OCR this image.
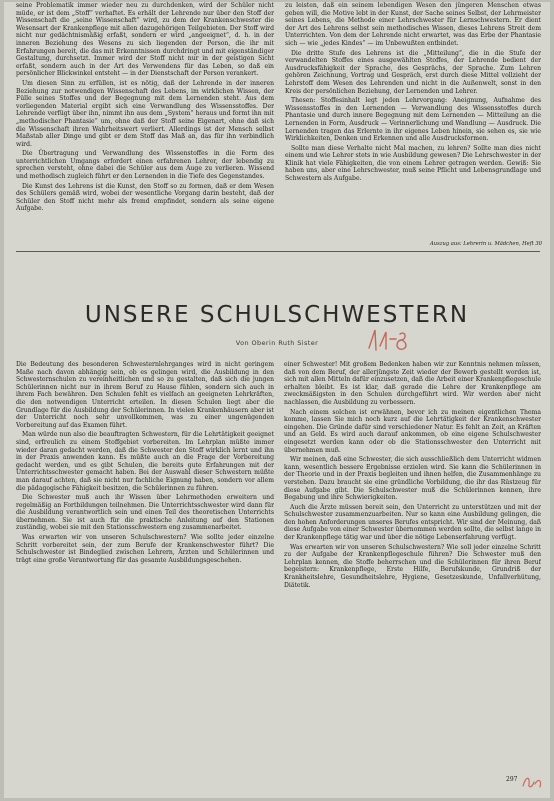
seine Problematik immer wieder neu zu durchdenken, wird der Schüler nicht müde, er ist dem „Stoff“ verhaftet. Es erhält der Lehrende nur über den Stoff der Wissenschaft die „seine Wissenschaft“ wird, zu dem der Krankenschwester die Wesensart der Krankenpflege mit allen dazugehörigen Teilgebieten. Der Stoff wird nicht nur gedächtnismäßig erfaßt, sondern er wird „angeeignet“, d. h. in der inneren Beziehung des Wesens zu sich liegenden der Person, die ihr mit Erfahrungen bereit, die das mit Erkenntnissen durchdringt und mit eigenständiger Gestaltung, durchsetzt. Immer wird der Stoff nicht nur in der geistigen Sicht erfaßt, sondern auch in der Art des Verwendens für das Leben, so daß ein persönlicher Blickwinkel entsteht — in der Dienstschaft der Person verankert.

Um diesen Sinn zu erfüllen, ist es nötig, daß der Lehrende in der inneren Beziehung zur notwendigen Wissenschaft des Lebens, im wirklichen Wissen, der Fülle seines Stoffes und der Begegnung mit dem Lernenden steht. Aus dem vorliegenden Material ergibt sich eine Verwandlung des Wissensstoffes. Der Lehrende verfügt über ihn, nimmt ihn aus dem „System“ heraus und formt ihn mit „methodischer Phantasie“ um, ohne daß der Stoff seine Eigenart, ohne daß sich die Wissenschaft ihren Wahrheitswert verliert. Allerdings ist der Mensch selbst Maßstab aller Dinge und gibt er dem Stoff das Maß an, das für ihn verbindlich wird.

Die Übertragung und Verwandlung des Wissenstoffes in die Form des unterrichtlichen Umgangs erfordert einen erfahrenen Lehrer, der lebendig zu sprechen versteht, ohne dabei die Schüler aus dem Auge zu verlieren. Wissend und methodisch zugleich führt er den Lernenden in die Tiefe des Gegenstandes.

Die Kunst des Lehrens ist die Kunst, den Stoff so zu formen, daß er dem Wesen des Schülers gemäß wird, wobei der wesentliche Vorgang darin besteht, daß der Schüler den Stoff nicht mehr als fremd empfindet, sondern als seine eigene Aufgabe.

zu leisten, daß ein seinem lebendigen Wesen den jüngeren Menschen etwas geben will, die Motive lebt in der Kunst, der Sache seines Selbst, der Lehrmeister seines Lebens, die Methode einer Lehrschwester für Lernschwestern. Er dient der Art des Lehrens selbst sein methodisches Wissen, dieses Lehrens Streit dem Unterrichten. Von dem der Lehrende nicht erwartet, was das Erbe der Phantasie sich — wie „jedes Kindes“ — im Unbewußten entbindet.

Die dritte Stufe des Lehrens ist die „Mitteilung“, die in die Stufe der verwandelten Stoffes eines ausgewählten Stoffes, der Lehrende bedient der Ausdrucksfähigkeit der Sprache, des Gesprächs, der Sprache. Zum Lehren gehören Zeichnung, Vortrag und Gespräch, erst durch diese Mittel vollzieht der Lehrstoff dem Wesen des Lehrenden und nicht in die Außenwelt, sonst in den Kreis der persönlichen Beziehung, der Lernenden und Lehrer.

Thesen: Stoffesinhalt legt jeden Lehrvorgang: Aneignung, Aufnahme des Wissensstoffes in den Lernenden — Verwandlung des Wissensstoffes durch Phantasie und durch innere Begegnung mit dem Lernenden — Mitteilung an die Lernenden in Form, Ausdruck — Verinnerlichung und Wandlung — Ausdruck. Die Lernenden tragen das Erlernte in ihr eigenes Leben hinein, sie sehen es, sie wie Wirklichkeiten, Denken und Erkennen und alle Ausdrucksformen.

Sollte man diese Verhalte nicht Mal machen, zu lehren? Sollte man dies nicht einem und wie Lehrer stets in wie Ausbildung gewesen? Die Lehrschwester in der Klinik hat viele Fähigkeiten, die von einem Lehrer getragen werden. Gewiß: Sie haben uns, aber eine Lehrschwester, muß seine Pflicht und Lebensgrundlage und Schwestern als Aufgabe.

Auszug aus: Lehrerin u. Mädchen, Heft 30
UNSERE SCHULSCHWESTERN
Von Oberin Ruth Sister

Die Bedeutung des besonderen Schwesternlehrganges wird in nicht geringem Maße nach davon abhängig sein, ob es gelingen wird, die Ausbildung in den Schwesternschulen zu vereinheitlichen und so zu gestalten, daß sich die jungen Schülerinnen nicht nur in ihrem Beruf zu Hause fühlen, sondern sich auch in ihrem Fach bewähren. Den Schulen fehlt es vielfach an geeigneten Lehrkräften, die den notwendigen Unterricht erteilen. In diesen Schulen liegt aber die Grundlage für die Ausbildung der Schülerinnen. In vielen Krankenhäusern aber ist der Unterricht noch sehr unvollkommen, was zu einer ungenügenden Vorbereitung auf das Examen führt.

Man würde nun also die beauftragten Schwestern, für die Lehrtätigkeit geeignet sind, erfreulich zu einem Stoffgebiet vorbereiten. Im Lehrplan müßte immer wieder daran gedacht werden, daß die Schwester den Stoff wirklich lernt und ihn in der Praxis anwenden kann. Es müßte auch an die Frage der Vorbereitung gedacht werden, und es gibt Schulen, die bereits gute Erfahrungen mit der Unterrichtsschwester gemacht haben. Bei der Auswahl dieser Schwestern müßte man darauf achten, daß sie nicht nur fachliche Eignung haben, sondern vor allem die pädagogische Fähigkeit besitzen, die Schülerinnen zu führen.

Die Schwester muß auch ihr Wissen über Lehrmethoden erweitern und regelmäßig an Fortbildungen teilnehmen. Die Unterrichtsschwester wird dann für die Ausbildung verantwortlich sein und einen Teil des theoretischen Unterrichts übernehmen. Sie ist auch für die praktische Anleitung auf den Stationen zuständig, wobei sie mit den Stationsschwestern eng zusammenarbeitet.

Was erwarten wir von unseren Schulschwestern? Wie sollte jeder einzelne Schritt vorbereitet sein, der zum Berufe der Krankenschwester führt? Die Schulschwester ist Bindeglied zwischen Lehrern, Ärzten und Schülerinnen und trägt eine große Verantwortung für das gesamte Ausbildungsgeschehen.

einer Schwester! Mit großem Bedenken haben wir zur Kenntnis nehmen müssen, daß von dem Beruf, der allerjüngste Zeit wieder der Bewerb gestellt worden ist, sich mit allen Mitteln dafür einzusetzen, daß die Arbeit einer Krankenpflegeschule erhalten bleibt. Es ist klar, daß gerade die Lehre der Krankenpflege am zweckmäßigsten in den Schulen durchgeführt wird. Wir werden aber nicht nachlassen, die Ausbildung zu verbessern.

Nach einem solchen ist erwähnen, bevor ich zu meinen eigentlichen Thema komme, lassen Sie mich noch kurz auf die Lehrtätigkeit der Krankenschwester eingehen. Die Gründe dafür sind verschiedener Natur. Es fehlt an Zeit, an Kräften und an Geld. Es wird auch darauf ankommen, ob eine eigene Schulschwester eingesetzt werden kann oder ob die Stationsschwester den Unterricht mit übernehmen muß.

Wir meinen, daß eine Schwester, die sich ausschließlich dem Unterricht widmen kann, wesentlich bessere Ergebnisse erzielen wird. Sie kann die Schülerinnen in der Theorie und in der Praxis begleiten und ihnen helfen, die Zusammenhänge zu verstehen. Dazu braucht sie eine gründliche Vorbildung, die ihr das Rüstzeug für diese Aufgabe gibt. Die Schulschwester muß die Schülerinnen kennen, ihre Begabung und ihre Schwierigkeiten.

Auch die Ärzte müssen bereit sein, den Unterricht zu unterstützen und mit der Schulschwester zusammenzuarbeiten. Nur so kann eine Ausbildung gelingen, die den hohen Anforderungen unseres Berufes entspricht. Wir sind der Meinung, daß diese Aufgabe von einer Schwester übernommen werden sollte, die selbst lange in der Krankenpflege tätig war und über die nötige Lebenserfahrung verfügt.

Was erwarten wir von unseren Schulschwestern? Wie soll jeder einzelne Schritt zu der Aufgabe der Krankenpflegeschule führen? Die Schwester muß den Lehrplan kennen, die Stoffe beherrschen und die Schülerinnen für ihren Beruf begeistern: Krankenpflege, Erste Hilfe, Berufskunde, Grundriß der Krankheitslehre, Gesundheitslehre, Hygiene, Gesetzeskunde, Unfallverhütung, Diätetik.

297
